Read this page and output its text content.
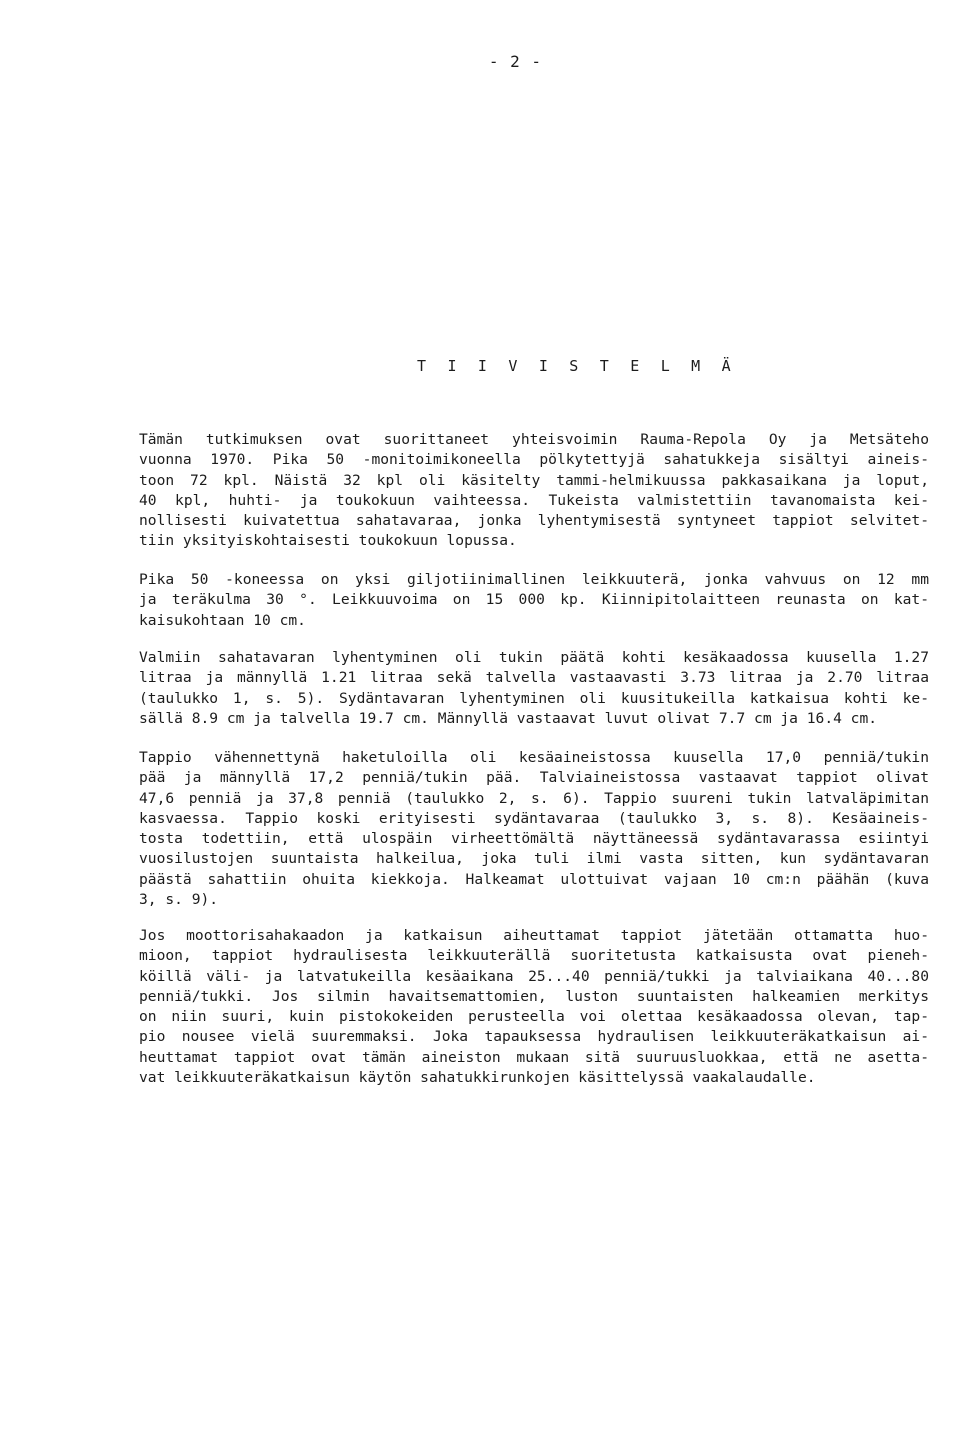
- 2 -
T I I V I S T E L M Ä
Tämän tutkimuksen ovat suorittaneet yhteisvoimin Rauma-Repola Oy ja Metsäteho
vuonna 1970. Pika 50 -monitoimikoneella pölkytettyjä sahatukkeja sisältyi aineis-
toon 72 kpl. Näistä 32 kpl oli käsitelty tammi-helmikuussa pakkasaikana ja loput,
40 kpl, huhti- ja toukokuun vaihteessa. Tukeista valmistettiin tavanomaista kei-
nollisesti kuivatettua sahatavaraa, jonka lyhentymisestä syntyneet tappiot selvitet-
tiin yksityiskohtaisesti toukokuun lopussa.
Pika 50 -koneessa on yksi giljotiinimallinen leikkuuterä, jonka vahvuus on 12 mm
ja teräkulma 30 °. Leikkuuvoima on 15 000 kp. Kiinnipitolaitteen reunasta on kat-
kaisukohtaan 10 cm.
Valmiin sahatavaran lyhentyminen oli tukin päätä kohti kesäkaadossa kuusella 1.27
litraa ja männyllä 1.21 litraa sekä talvella vastaavasti 3.73 litraa ja 2.70 litraa
(taulukko 1, s. 5). Sydäntavaran lyhentyminen oli kuusitukeilla katkaisua kohti ke-
sällä 8.9 cm ja talvella 19.7 cm. Männyllä vastaavat luvut olivat 7.7 cm ja 16.4 cm.
Tappio vähennettynä haketuloilla oli kesäaineistossa kuusella 17,0 penniä/tukin
pää ja männyllä 17,2 penniä/tukin pää. Talviaineistossa vastaavat tappiot olivat
47,6 penniä ja 37,8 penniä (taulukko 2, s. 6). Tappio suureni tukin latvaläpimitan
kasvaessa. Tappio koski erityisesti sydäntavaraa (taulukko 3, s. 8). Kesäaineis-
tosta todettiin, että ulospäin virheettömältä näyttäneessä sydäntavarassa esiintyi
vuosilustojen suuntaista halkeilua, joka tuli ilmi vasta sitten, kun sydäntavaran
päästä sahattiin ohuita kiekkoja. Halkeamat ulottuivat vajaan 10 cm:n päähän (kuva
3, s. 9).
Jos moottorisahakaadon ja katkaisun aiheuttamat tappiot jätetään ottamatta huo-
mioon, tappiot hydraulisesta leikkuuterällä suoritetusta katkaisusta ovat pieneh-
köillä väli- ja latvatukeilla kesäaikana 25...40 penniä/tukki ja talviaikana 40...80
penniä/tukki. Jos silmin havaitsemattomien, luston suuntaisten halkeamien merkitys
on niin suuri, kuin pistokokeiden perusteella voi olettaa kesäkaadossa olevan, tap-
pio nousee vielä suuremmaksi. Joka tapauksessa hydraulisen leikkuuteräkatkaisun ai-
heuttamat tappiot ovat tämän aineiston mukaan sitä suuruusluokkaa, että ne asetta-
vat leikkuuteräkatkaisun käytön sahatukkirunkojen käsittelyssä vaakalaudalle.
